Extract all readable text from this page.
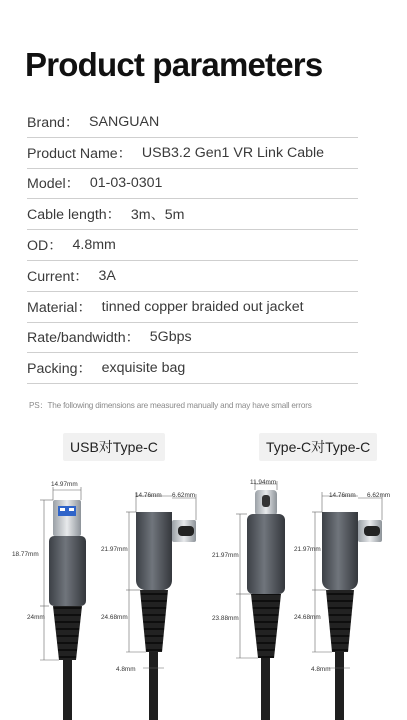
Product parameters
Brand： SANGUAN
Product Name： USB3.2 Gen1 VR Link Cable
Model： 01-03-0301
Cable length： 3m、5m
OD： 4.8mm
Current： 3A
Material： tinned copper braided out jacket
Rate/bandwidth： 5Gbps
Packing： exquisite bag
PS：The following dimensions are measured manually and may have small errors
USB对Type-C	Type-C对Type-C
14.97mm
18.77mm
24mm
14.76mm 6.62mm
21.97mm
24.68mm
4.8mm
11.94mm
21.97mm
23.88mm
14.76mm 6.62mm
21.97mm
24.68mm
4.8mm
